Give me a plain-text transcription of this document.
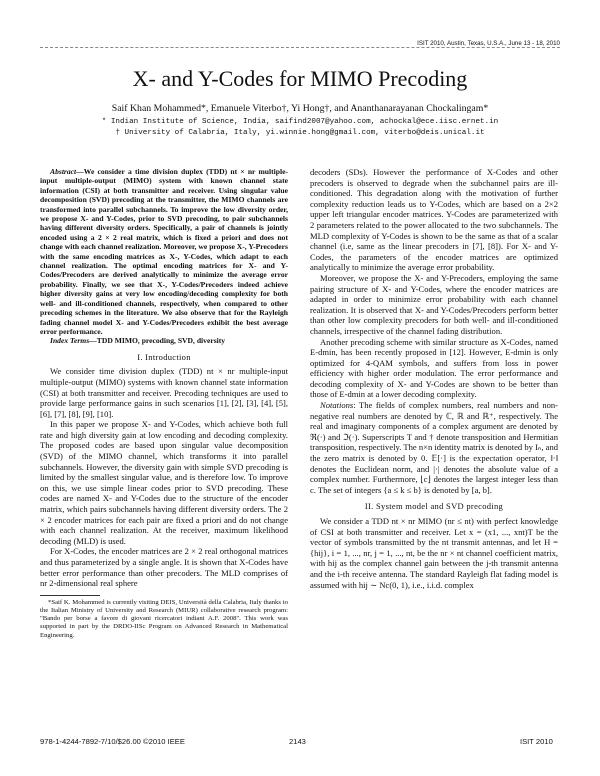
ISIT 2010, Austin, Texas, U.S.A., June 13 - 18, 2010
X- and Y-Codes for MIMO Precoding
Saif Khan Mohammed*, Emanuele Viterbo†, Yi Hong†, and Ananthanarayanan Chockalingam*
* Indian Institute of Science, India, saifind2007@yahoo.com, achockal@ece.iisc.ernet.in
† University of Calabria, Italy, yi.winnie.hong@gmail.com, viterbo@deis.unical.it

Abstract—We consider a time division duplex (TDD) nt × nr multiple-input multiple-output (MIMO) system with known channel state information (CSI) at both transmitter and receiver. Using singular value decomposition (SVD) precoding at the transmitter, the MIMO channels are transformed into parallel subchannels. To improve the low diversity order, we propose X- and Y-Codes, prior to SVD precoding, to pair subchannels having different diversity orders. Specifically, a pair of channels is jointly encoded using a 2 × 2 real matrix, which is fixed a priori and does not change with each channel realization. Moreover, we propose X-, Y-Precoders with the same encoding matrices as X-, Y-Codes, which adapt to each channel realization. The optimal encoding matrices for X- and Y-Codes/Precoders are derived analytically to minimize the average error probability. Finally, we see that X-, Y-Codes/Precoders indeed achieve higher diversity gains at very low encoding/decoding complexity for both well- and ill-conditioned channels, respectively, when compared to other precoding schemes in the literature. We also observe that for the Rayleigh fading channel model X- and Y-Codes/Precoders exhibit the best average error performance.

Index Terms—TDD MIMO, precoding, SVD, diversity

I. Introduction

We consider time division duplex (TDD) nt × nr multiple-input multiple-output (MIMO) systems with known channel state information (CSI) at both transmitter and receiver. Precoding techniques are used to provide large performance gains in such scenarios [1], [2], [3], [4], [5], [6], [7], [8], [9], [10].

In this paper we propose X- and Y-Codes, which achieve both full rate and high diversity gain at low encoding and decoding complexity. The proposed codes are based upon singular value decomposition (SVD) of the MIMO channel, which transforms it into parallel subchannels. However, the diversity gain with simple SVD precoding is limited by the smallest singular value, and is therefore low. To improve on this, we use simple linear codes prior to SVD precoding. These codes are named X- and Y-Codes due to the structure of the encoder matrix, which pairs subchannels having different diversity orders. The 2 × 2 encoder matrices for each pair are fixed a priori and do not change with each channel realization. At the receiver, maximum likelihood decoding (MLD) is used.

For X-Codes, the encoder matrices are 2 × 2 real orthogonal matrices and thus parameterized by a single angle. It is shown that X-Codes have better error performance than other precoders. The MLD comprises of nr 2-dimensional real sphere

*Saif K. Mohammed is currently visiting DEIS, Università della Calabria, Italy thanks to the Italian Ministry of University and Research (MIUR) collaborative research program: "Bando per borse a favore di giovani ricercatori indiani A.F. 2008". This work was supported in part by the DRDO-IISc Program on Advanced Research in Mathematical Engineering.

decoders (SDs). However the performance of X-Codes and other precoders is observed to degrade when the subchannel pairs are ill-conditioned. This degradation along with the motivation of further complexity reduction leads us to Y-Codes, which are based on a 2×2 upper left triangular encoder matrices. Y-Codes are parameterized with 2 parameters related to the power allocated to the two subchannels. The MLD complexity of Y-Codes is shown to be the same as that of a scalar channel (i.e, same as the linear precoders in [7], [8]). For X- and Y-Codes, the parameters of the encoder matrices are optimized analytically to minimize the average error probability.

Moreover, we propose the X- and Y-Precoders, employing the same pairing structure of X- and Y-Codes, where the encoder matrices are adapted in order to minimize error probability with each channel realization. It is observed that X- and Y-Codes/Precoders perform better than other low complexity precoders for both well- and ill-conditioned channels, irrespective of the channel fading distribution.

Another precoding scheme with similar structure as X-Codes, named E-dmin, has been recently proposed in [12]. However, E-dmin is only optimized for 4-QAM symbols, and suffers from loss in power efficiency with higher order modulation. The error performance and decoding complexity of X- and Y-Codes are shown to be better than those of E-dmin at a lower decoding complexity.

Notations: The fields of complex numbers, real numbers and non-negative real numbers are denoted by ℂ, ℝ and ℝ⁺, respectively. The real and imaginary components of a complex argument are denoted by ℜ(·) and ℑ(·). Superscripts T and † denote transposition and Hermitian transposition, respectively. The n×n identity matrix is denoted by Iₙ, and the zero matrix is denoted by 0. 𝔼[·] is the expectation operator, ‖·‖ denotes the Euclidean norm, and |·| denotes the absolute value of a complex number. Furthermore, ⌊c⌋ denotes the largest integer less than c. The set of integers {a ≤ k ≤ b} is denoted by [a, b].

II. System model and SVD precoding

We consider a TDD nt × nr MIMO (nr ≤ nt) with perfect knowledge of CSI at both transmitter and receiver. Let x = (x1, ..., xnt)T be the vector of symbols transmitted by the nt transmit antennas, and let H = {hij}, i = 1, ..., nr, j = 1, ..., nt, be the nr × nt channel coefficient matrix, with hij as the complex channel gain between the j-th transmit antenna and the i-th receive antenna. The standard Rayleigh flat fading model is assumed with hij ∼ Nc(0, 1), i.e., i.i.d. complex

978-1-4244-7892-7/10/$26.00 ©2010 IEEE	2143	ISIT 2010
